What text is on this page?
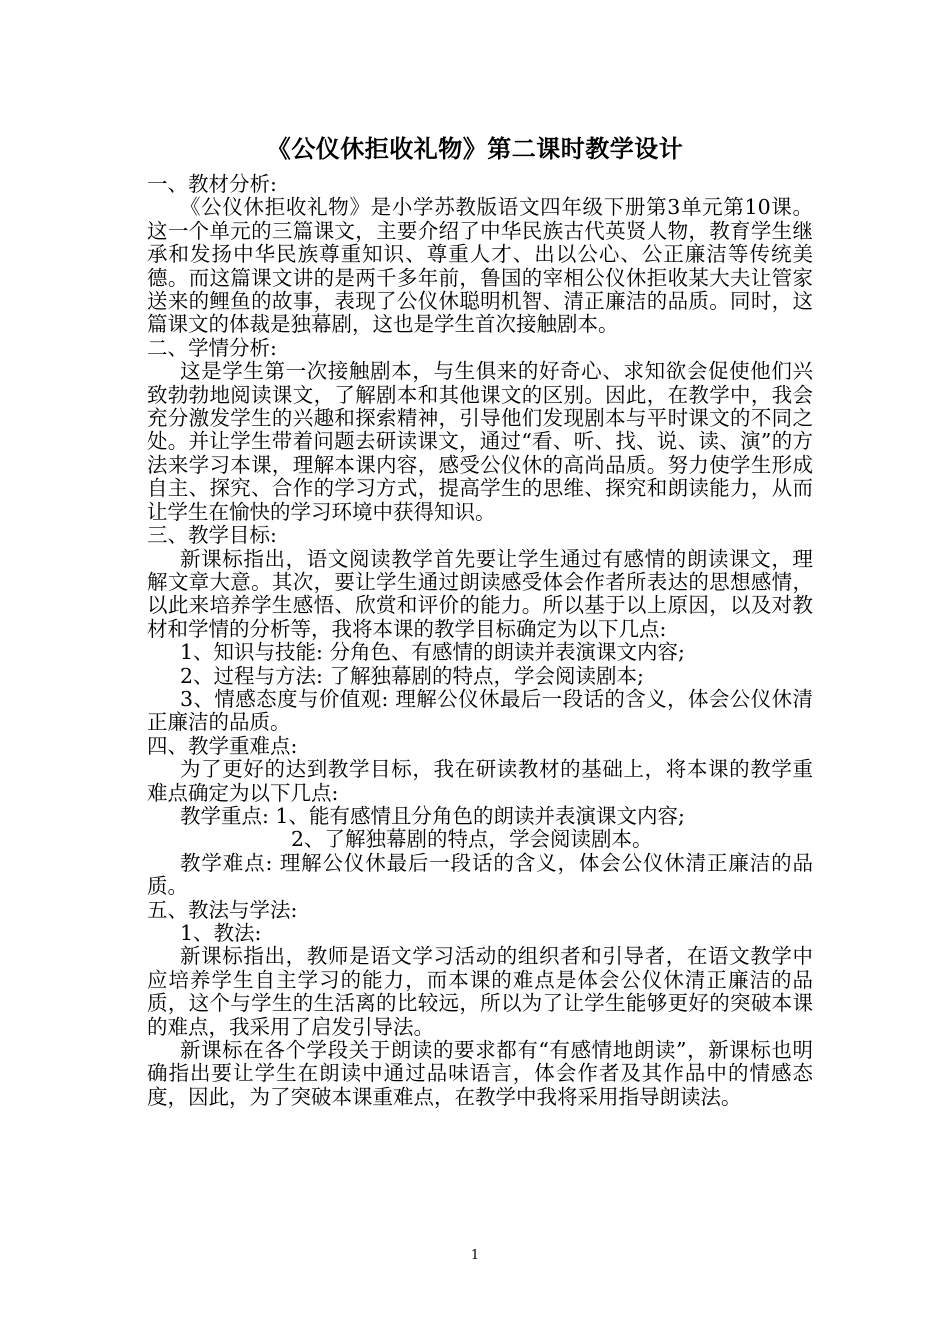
《公仪休拒收礼物》第二课时教学设计

一、教材分析:

《公仪休拒收礼物》是小学苏教版语文四年级下册第3单元第10课。这一个单元的三篇课文，主要介绍了中华民族古代英贤人物，教育学生继承和发扬中华民族尊重知识、尊重人才、出以公心、公正廉洁等传统美德。而这篇课文讲的是两千多年前，鲁国的宰相公仪休拒收某大夫让管家送来的鲤鱼的故事，表现了公仪休聪明机智、清正廉洁的品质。同时，这篇课文的体裁是独幕剧，这也是学生首次接触剧本。

二、学情分析:

这是学生第一次接触剧本，与生俱来的好奇心、求知欲会促使他们兴致勃勃地阅读课文，了解剧本和其他课文的区别。因此，在教学中，我会充分激发学生的兴趣和探索精神，引导他们发现剧本与平时课文的不同之处。并让学生带着问题去研读课文，通过“看、听、找、说、读、演”的方法来学习本课，理解本课内容，感受公仪休的高尚品质。努力使学生形成自主、探究、合作的学习方式，提高学生的思维、探究和朗读能力，从而让学生在愉快的学习环境中获得知识。

三、教学目标:

新课标指出，语文阅读教学首先要让学生通过有感情的朗读课文，理解文章大意。其次，要让学生通过朗读感受体会作者所表达的思想感情，以此来培养学生感悟、欣赏和评价的能力。所以基于以上原因，以及对教材和学情的分析等，我将本课的教学目标确定为以下几点:

1、知识与技能: 分角色、有感情的朗读并表演课文内容;

2、过程与方法: 了解独幕剧的特点，学会阅读剧本;

3、情感态度与价值观: 理解公仪休最后一段话的含义，体会公仪休清正廉洁的品质。

四、教学重难点:

为了更好的达到教学目标，我在研读教材的基础上，将本课的教学重难点确定为以下几点:

教学重点: 1、能有感情且分角色的朗读并表演课文内容;

2、了解独幕剧的特点，学会阅读剧本。

教学难点: 理解公仪休最后一段话的含义，体会公仪休清正廉洁的品质。

五、教法与学法:

1、教法:

新课标指出，教师是语文学习活动的组织者和引导者，在语文教学中应培养学生自主学习的能力，而本课的难点是体会公仪休清正廉洁的品质，这个与学生的生活离的比较远，所以为了让学生能够更好的突破本课的难点，我采用了启发引导法。

新课标在各个学段关于朗读的要求都有“有感情地朗读”，新课标也明确指出要让学生在朗读中通过品味语言，体会作者及其作品中的情感态度，因此，为了突破本课重难点，在教学中我将采用指导朗读法。

1
